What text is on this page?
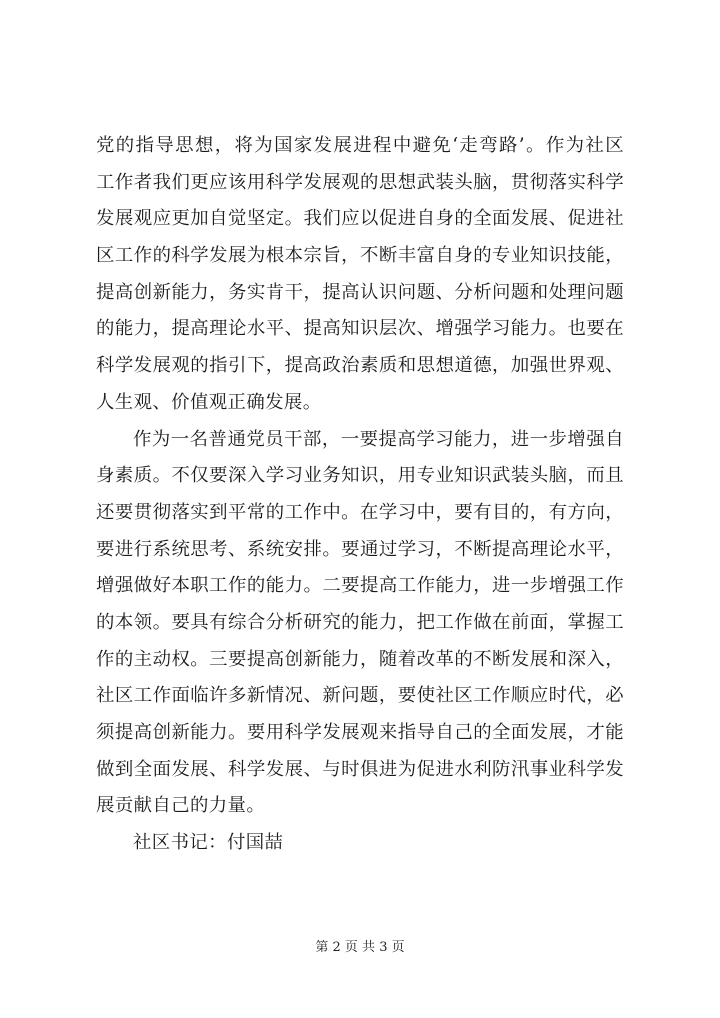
党的指导思想，将为国家发展进程中避免‘走弯路’。作为社区
工作者我们更应该用科学发展观的思想武装头脑，贯彻落实科学
发展观应更加自觉坚定。我们应以促进自身的全面发展、促进社
区工作的科学发展为根本宗旨，不断丰富自身的专业知识技能，
提高创新能力，务实肯干，提高认识问题、分析问题和处理问题
的能力，提高理论水平、提高知识层次、增强学习能力。也要在
科学发展观的指引下，提高政治素质和思想道德，加强世界观、
人生观、价值观正确发展。
作为一名普通党员干部，一要提高学习能力，进一步增强自
身素质。不仅要深入学习业务知识，用专业知识武装头脑，而且
还要贯彻落实到平常的工作中。在学习中，要有目的，有方向，
要进行系统思考、系统安排。要通过学习，不断提高理论水平，
增强做好本职工作的能力。二要提高工作能力，进一步增强工作
的本领。要具有综合分析研究的能力，把工作做在前面，掌握工
作的主动权。三要提高创新能力，随着改革的不断发展和深入，
社区工作面临许多新情况、新问题，要使社区工作顺应时代，必
须提高创新能力。要用科学发展观来指导自己的全面发展，才能
做到全面发展、科学发展、与时俱进为促进水利防汛事业科学发
展贡献自己的力量。
社区书记：付国喆
第 2 页 共 3 页
